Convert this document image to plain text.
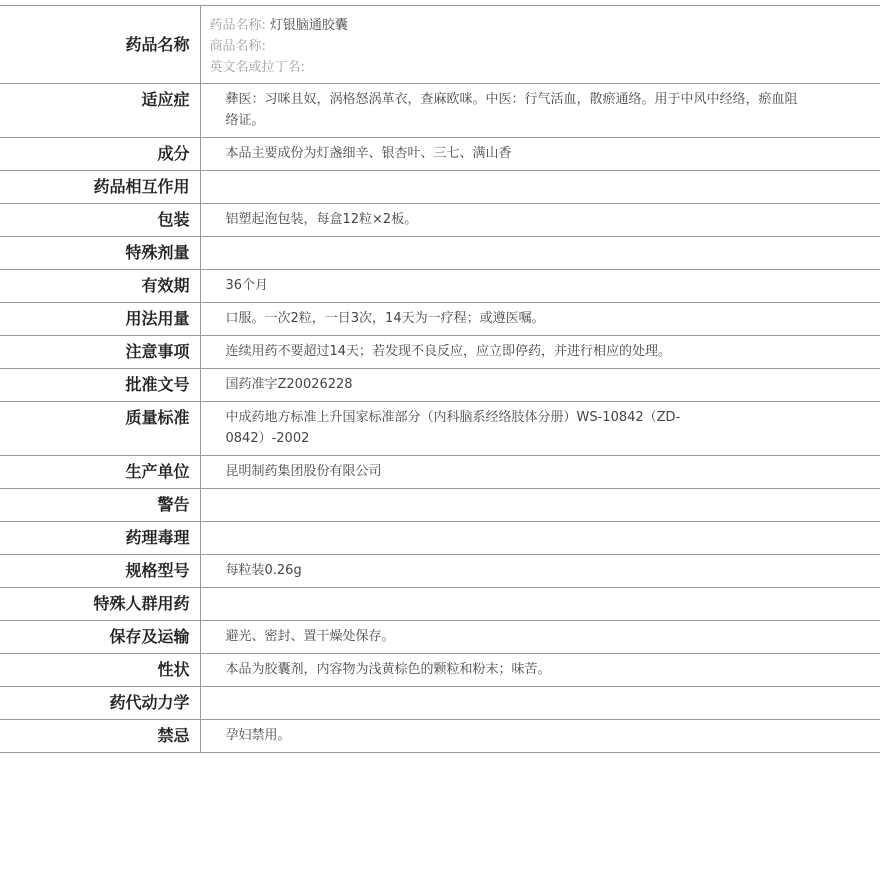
药品名称	药品名称: 灯银脑通胶囊
商品名称:
英文名或拉丁名:

适应症	彝医：习咪且奴，涡格怒涡革衣，查麻欧咪。中医：行气活血，散瘀通络。用于中风中经络，瘀血阻络证。
成分	本品主要成份为灯盏细辛、银杏叶、三七、满山香
药品相互作用	
包装	铝塑起泡包装，每盒12粒×2板。
特殊剂量	
有效期	36个月
用法用量	口服。一次2粒，一日3次，14天为一疗程；或遵医嘱。
注意事项	连续用药不要超过14天；若发现不良反应，应立即停药，并进行相应的处理。
批准文号	国药准字Z20026228
质量标准	中成药地方标准上升国家标准部分（内科脑系经络肢体分册）WS-10842（ZD-0842）-2002
生产单位	昆明制药集团股份有限公司
警告	
药理毒理	
规格型号	每粒装0.26g
特殊人群用药	
保存及运输	避光、密封、置干燥处保存。
性状	本品为胶囊剂，内容物为浅黄棕色的颗粒和粉末；味苦。
药代动力学	
禁忌	孕妇禁用。
